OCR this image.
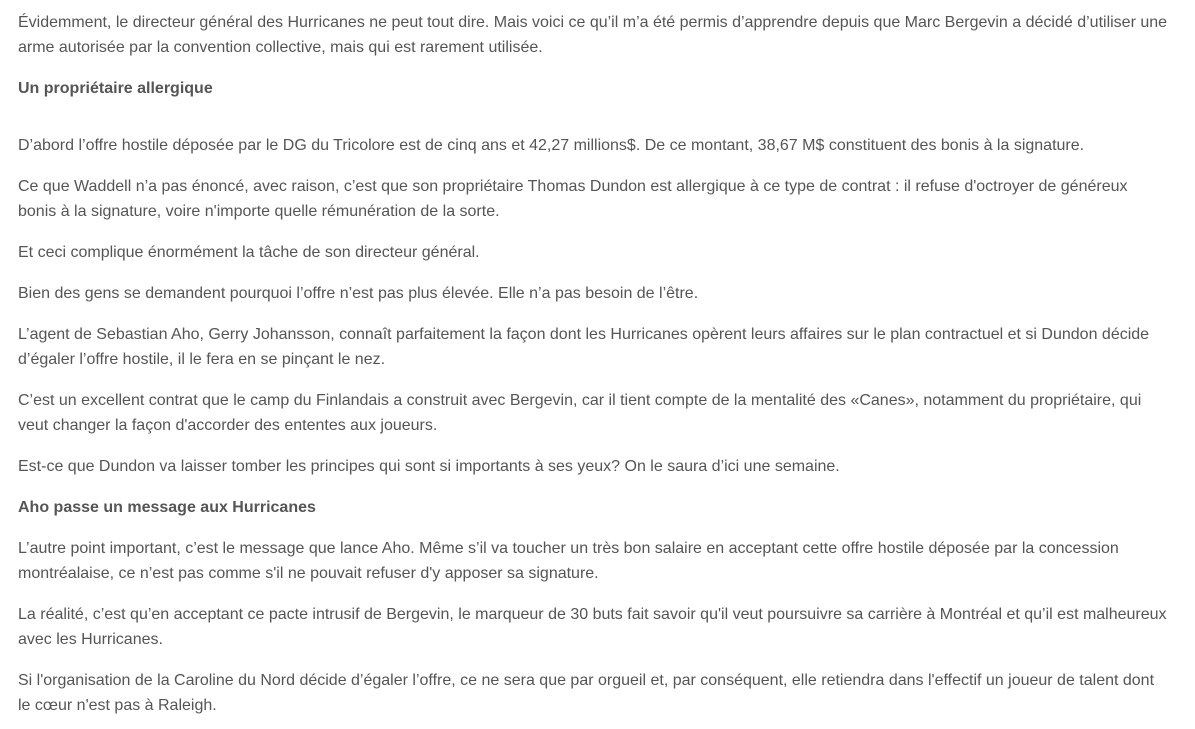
Évidemment, le directeur général des Hurricanes ne peut tout dire. Mais voici ce qu’il m’a été permis d’apprendre depuis que Marc Bergevin a décidé d’utiliser une arme autorisée par la convention collective, mais qui est rarement utilisée.

Un propriétaire allergique

D’abord l’offre hostile déposée par le DG du Tricolore est de cinq ans et 42,27 millions$. De ce montant, 38,67 M$ constituent des bonis à la signature.

Ce que Waddell n’a pas énoncé, avec raison, c’est que son propriétaire Thomas Dundon est allergique à ce type de contrat : il refuse d'octroyer de généreux bonis à la signature, voire n'importe quelle rémunération de la sorte.

Et ceci complique énormément la tâche de son directeur général.

Bien des gens se demandent pourquoi l’offre n’est pas plus élevée. Elle n’a pas besoin de l’être.

L’agent de Sebastian Aho, Gerry Johansson, connaît parfaitement la façon dont les Hurricanes opèrent leurs affaires sur le plan contractuel et si Dundon décide d’égaler l’offre hostile, il le fera en se pinçant le nez.

C’est un excellent contrat que le camp du Finlandais a construit avec Bergevin, car il tient compte de la mentalité des «Canes», notamment du propriétaire, qui veut changer la façon d'accorder des ententes aux joueurs.

Est-ce que Dundon va laisser tomber les principes qui sont si importants à ses yeux? On le saura d’ici une semaine.

Aho passe un message aux Hurricanes

L’autre point important, c’est le message que lance Aho. Même s’il va toucher un très bon salaire en acceptant cette offre hostile déposée par la concession montréalaise, ce n’est pas comme s'il ne pouvait refuser d'y apposer sa signature.

La réalité, c’est qu’en acceptant ce pacte intrusif de Bergevin, le marqueur de 30 buts fait savoir qu'il veut poursuivre sa carrière à Montréal et qu’il est malheureux avec les Hurricanes.

Si l'organisation de la Caroline du Nord décide d’égaler l’offre, ce ne sera que par orgueil et, par conséquent, elle retiendra dans l'effectif un joueur de talent dont le cœur n'est pas à Raleigh.
